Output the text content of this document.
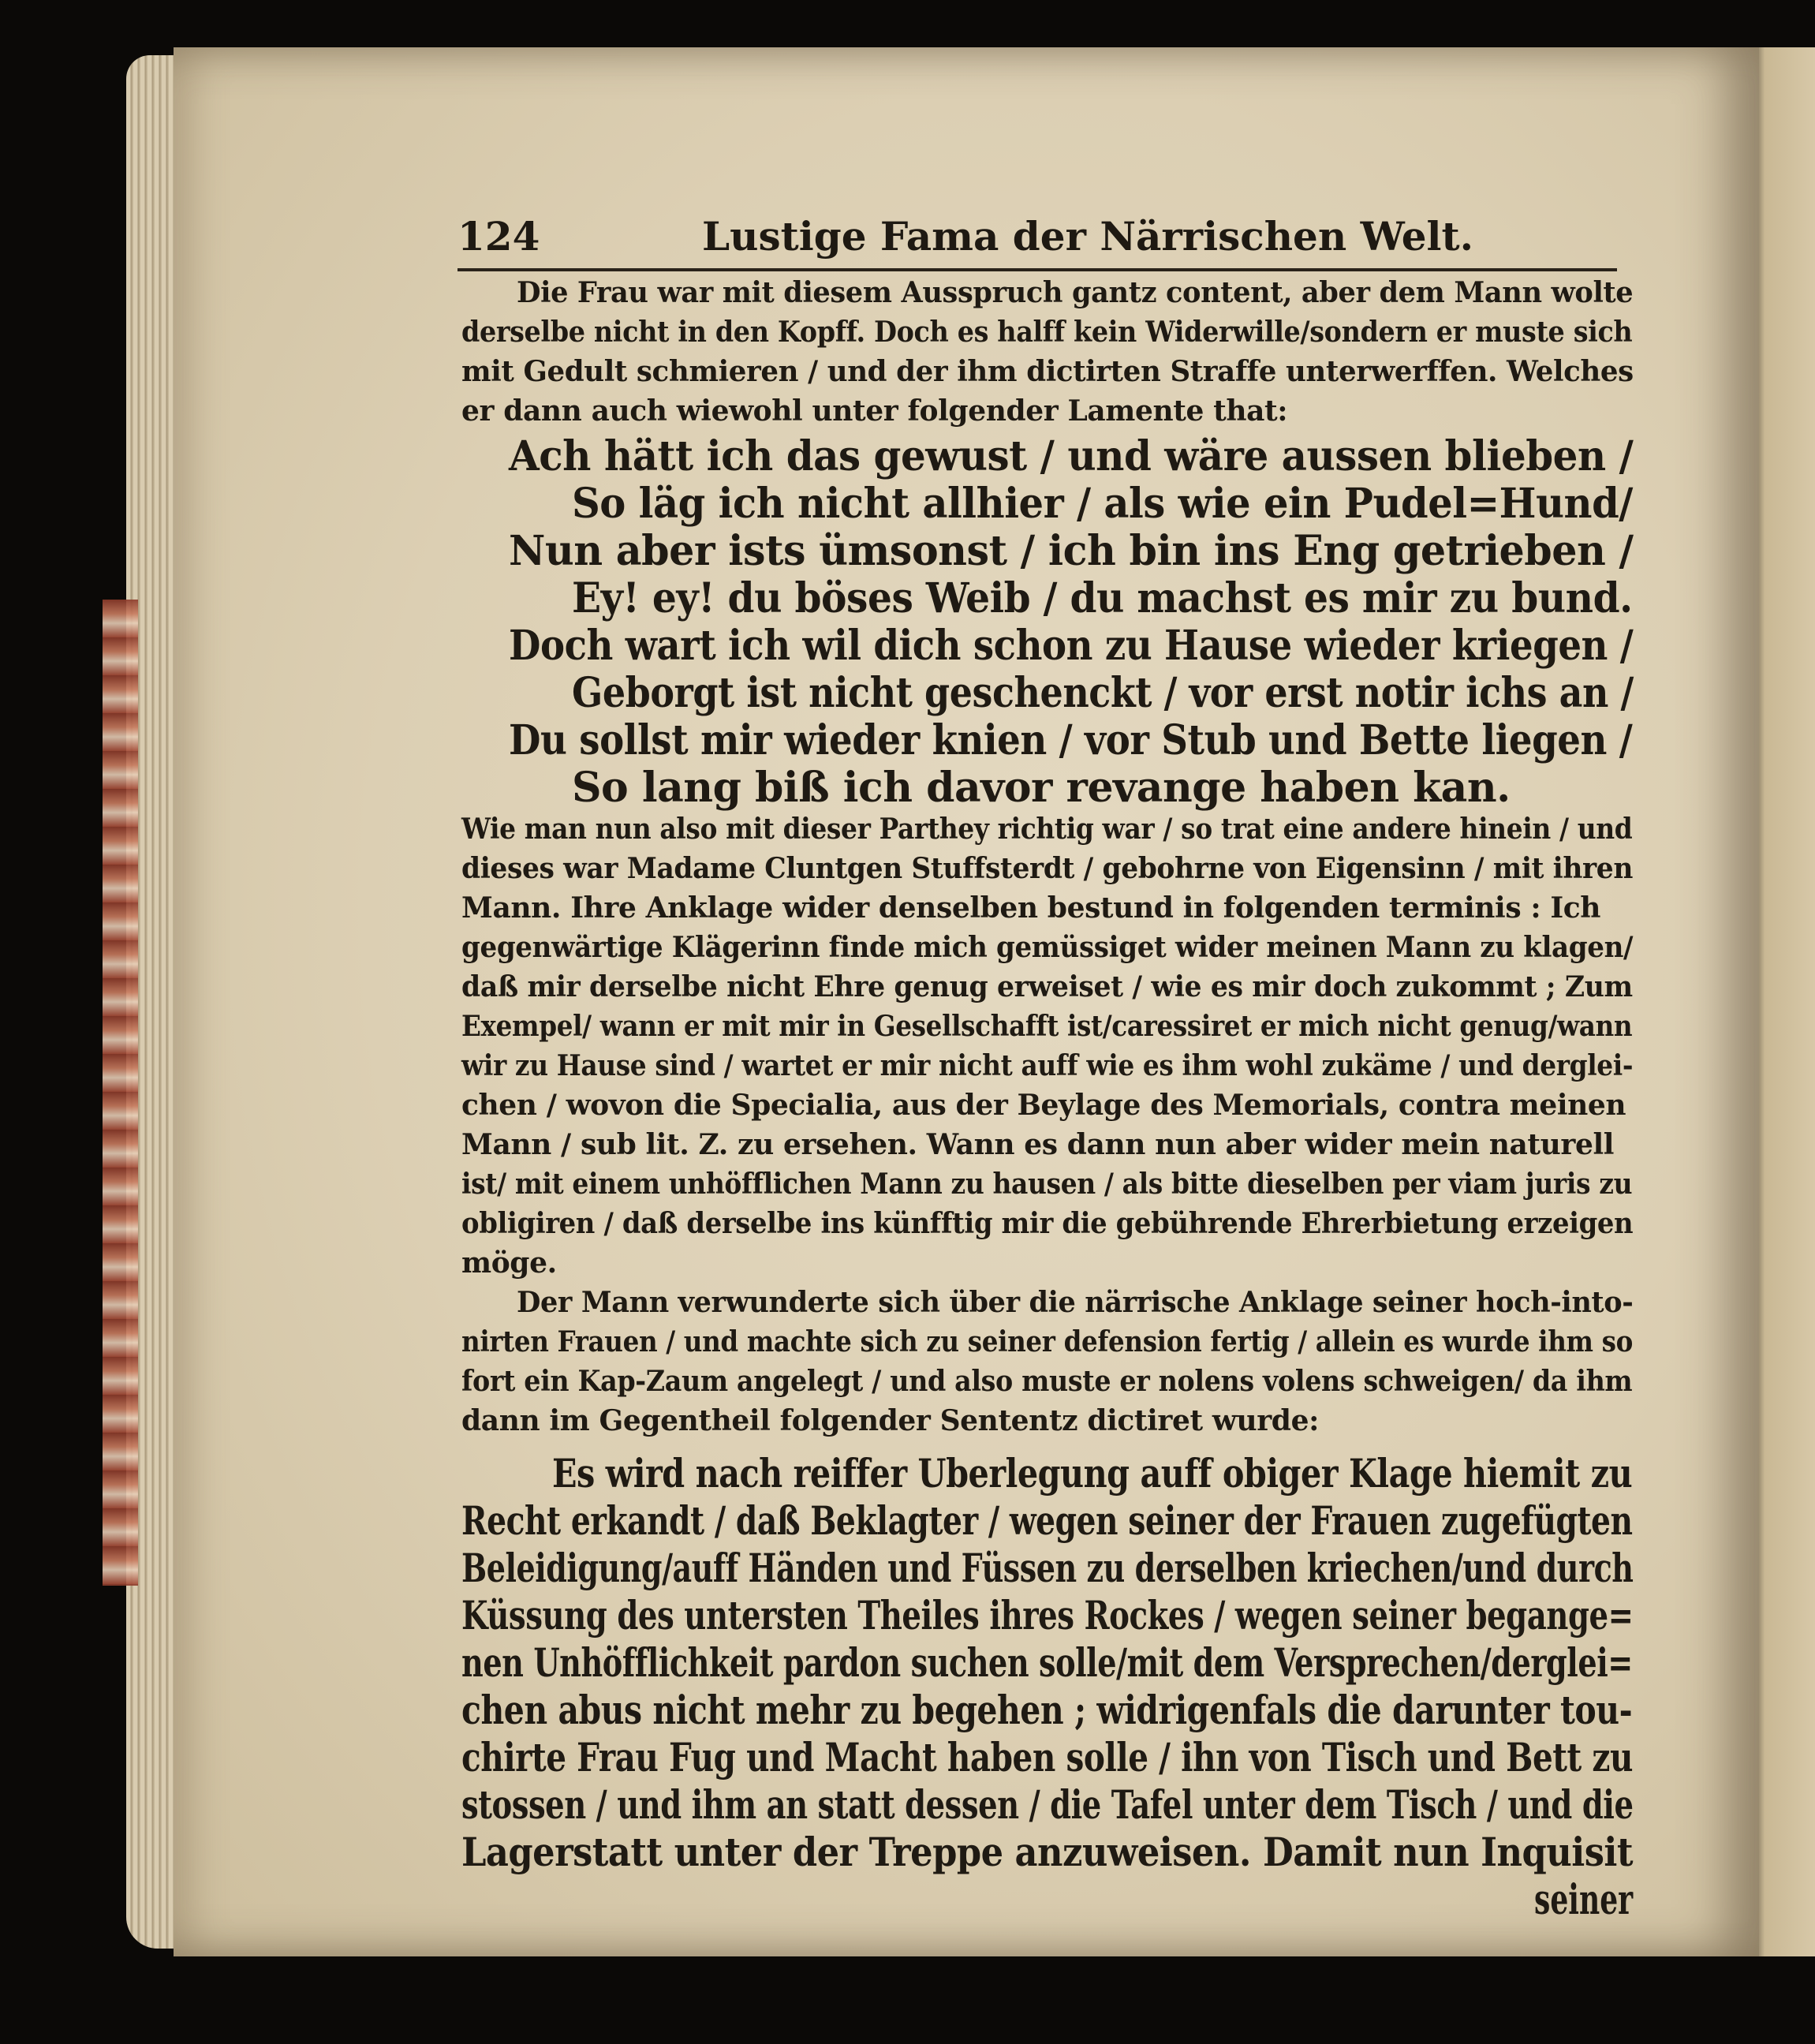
124	Lustige Fama der Närrischen Welt.
Die Frau war mit diesem Ausspruch gantz content, aber dem Mann wolte
derselbe nicht in den Kopff. Doch es halff kein Widerwille/sondern er muste sich
mit Gedult schmieren / und der ihm dictirten Straffe unterwerffen. Welches
er dann auch wiewohl unter folgender Lamente that:
Ach hätt ich das gewust / und wäre aussen blieben /
So läg ich nicht allhier / als wie ein Pudel=Hund/
Nun aber ists ümsonst / ich bin ins Eng getrieben /
Ey! ey! du böses Weib / du machst es mir zu bund.
Doch wart ich wil dich schon zu Hause wieder kriegen /
Geborgt ist nicht geschenckt / vor erst notir ichs an /
Du sollst mir wieder knien / vor Stub und Bette liegen /
So lang biß ich davor revange haben kan.
Wie man nun also mit dieser Parthey richtig war / so trat eine andere hinein / und
dieses war Madame Cluntgen Stuffsterdt / gebohrne von Eigensinn / mit ihren
Mann. Ihre Anklage wider denselben bestund in folgenden terminis : Ich
gegenwärtige Klägerinn finde mich gemüssiget wider meinen Mann zu klagen/
daß mir derselbe nicht Ehre genug erweiset / wie es mir doch zukommt ; Zum
Exempel/ wann er mit mir in Gesellschafft ist/caressiret er mich nicht genug/wann
wir zu Hause sind / wartet er mir nicht auff wie es ihm wohl zukäme / und derglei-
chen / wovon die Specialia, aus der Beylage des Memorials, contra meinen
Mann / sub lit. Z. zu ersehen. Wann es dann nun aber wider mein naturell
ist/ mit einem unhöfflichen Mann zu hausen / als bitte dieselben per viam juris zu
obligiren / daß derselbe ins künfftig mir die gebührende Ehrerbietung erzeigen
möge.
Der Mann verwunderte sich über die närrische Anklage seiner hoch-into-
nirten Frauen / und machte sich zu seiner defension fertig / allein es wurde ihm so
fort ein Kap-Zaum angelegt / und also muste er nolens volens schweigen/ da ihm
dann im Gegentheil folgender Sententz dictiret wurde:
Es wird nach reiffer Uberlegung auff obiger Klage hiemit zu
Recht erkandt / daß Beklagter / wegen seiner der Frauen zugefügten
Beleidigung/auff Händen und Füssen zu derselben kriechen/und durch
Küssung des untersten Theiles ihres Rockes / wegen seiner begange=
nen Unhöfflichkeit pardon suchen solle/mit dem Versprechen/derglei=
chen abus nicht mehr zu begehen ; widrigenfals die darunter tou-
chirte Frau Fug und Macht haben solle / ihn von Tisch und Bett zu
stossen / und ihm an statt dessen / die Tafel unter dem Tisch / und die
Lagerstatt unter der Treppe anzuweisen. Damit nun Inquisit
seiner
